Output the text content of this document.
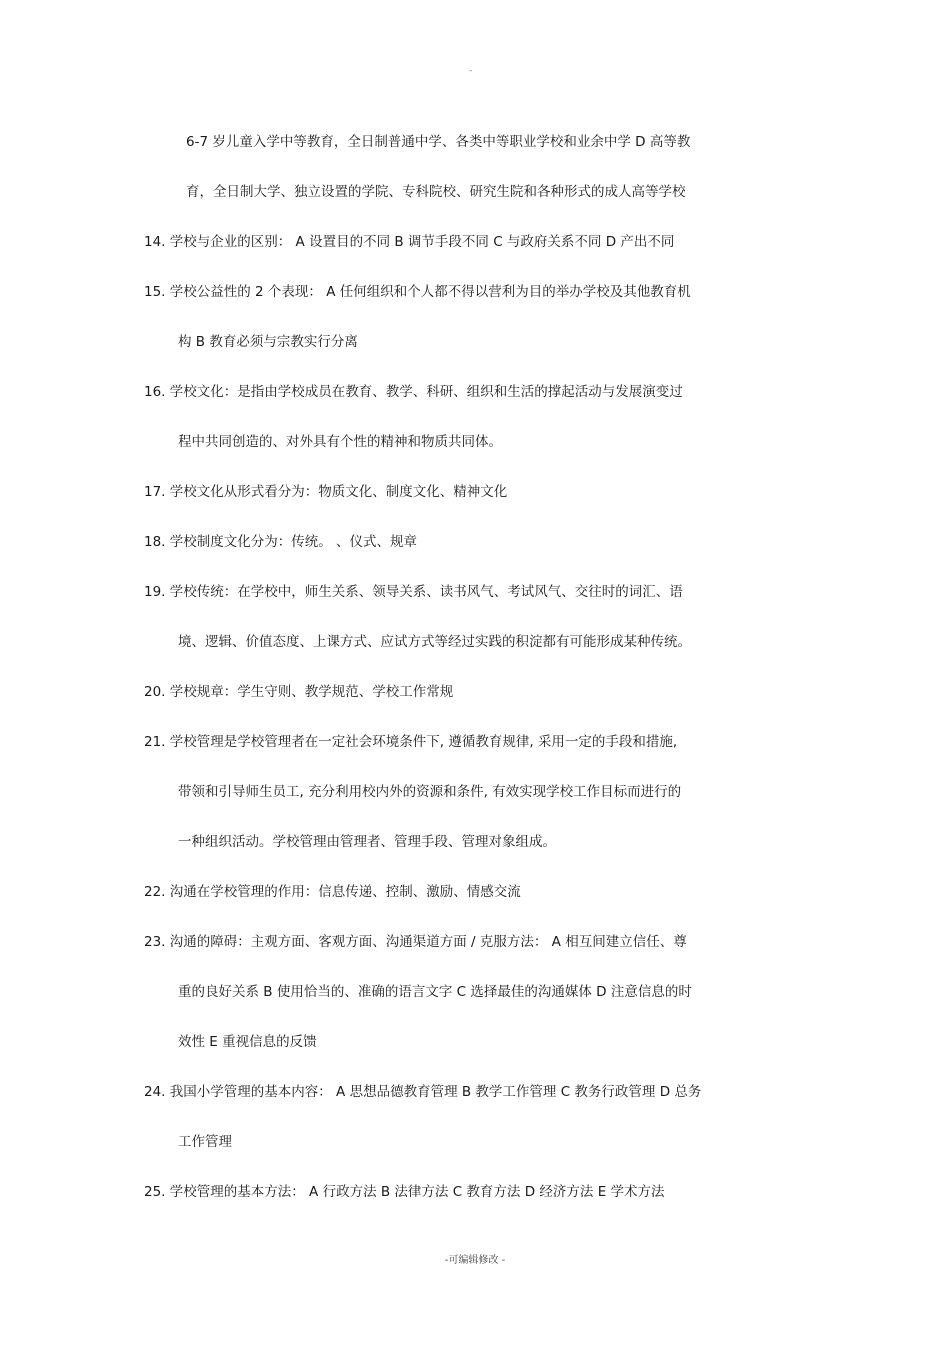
-
6-7 岁儿童入学中等教育，全日制普通中学、各类中等职业学校和业余中学 D 高等教
育，全日制大学、独立设置的学院、专科院校、研究生院和各种形式的成人高等学校
14. 学校与企业的区别： A 设置目的不同 B 调节手段不同 C 与政府关系不同 D 产出不同
15. 学校公益性的 2 个表现： A 任何组织和个人都不得以营利为目的举办学校及其他教育机
构 B 教育必须与宗教实行分离
16. 学校文化：是指由学校成员在教育、教学、科研、组织和生活的撑起活动与发展演变过
程中共同创造的、对外具有个性的精神和物质共同体。
17. 学校文化从形式看分为：物质文化、制度文化、精神文化
18. 学校制度文化分为：传统。 、仪式、规章
19. 学校传统：在学校中，师生关系、领导关系、读书风气、考试风气、交往时的词汇、语
境、逻辑、价值态度、上课方式、应试方式等经过实践的积淀都有可能形成某种传统。
20. 学校规章：学生守则、教学规范、学校工作常规
21. 学校管理是学校管理者在一定社会环境条件下, 遵循教育规律, 采用一定的手段和措施,
带领和引导师生员工, 充分利用校内外的资源和条件, 有效实现学校工作目标而进行的
一种组织活动。学校管理由管理者、管理手段、管理对象组成。
22. 沟通在学校管理的作用：信息传递、控制、激励、情感交流
23. 沟通的障碍：主观方面、客观方面、沟通渠道方面 / 克服方法： A 相互间建立信任、尊
重的良好关系 B 使用恰当的、准确的语言文字 C 选择最佳的沟通媒体 D 注意信息的时
效性 E 重视信息的反馈
24. 我国小学管理的基本内容： A 思想品德教育管理 B 教学工作管理 C 教务行政管理 D 总务
工作管理
25. 学校管理的基本方法： A 行政方法 B 法律方法 C 教育方法 D 经济方法 E 学术方法
-可编辑修改 -
